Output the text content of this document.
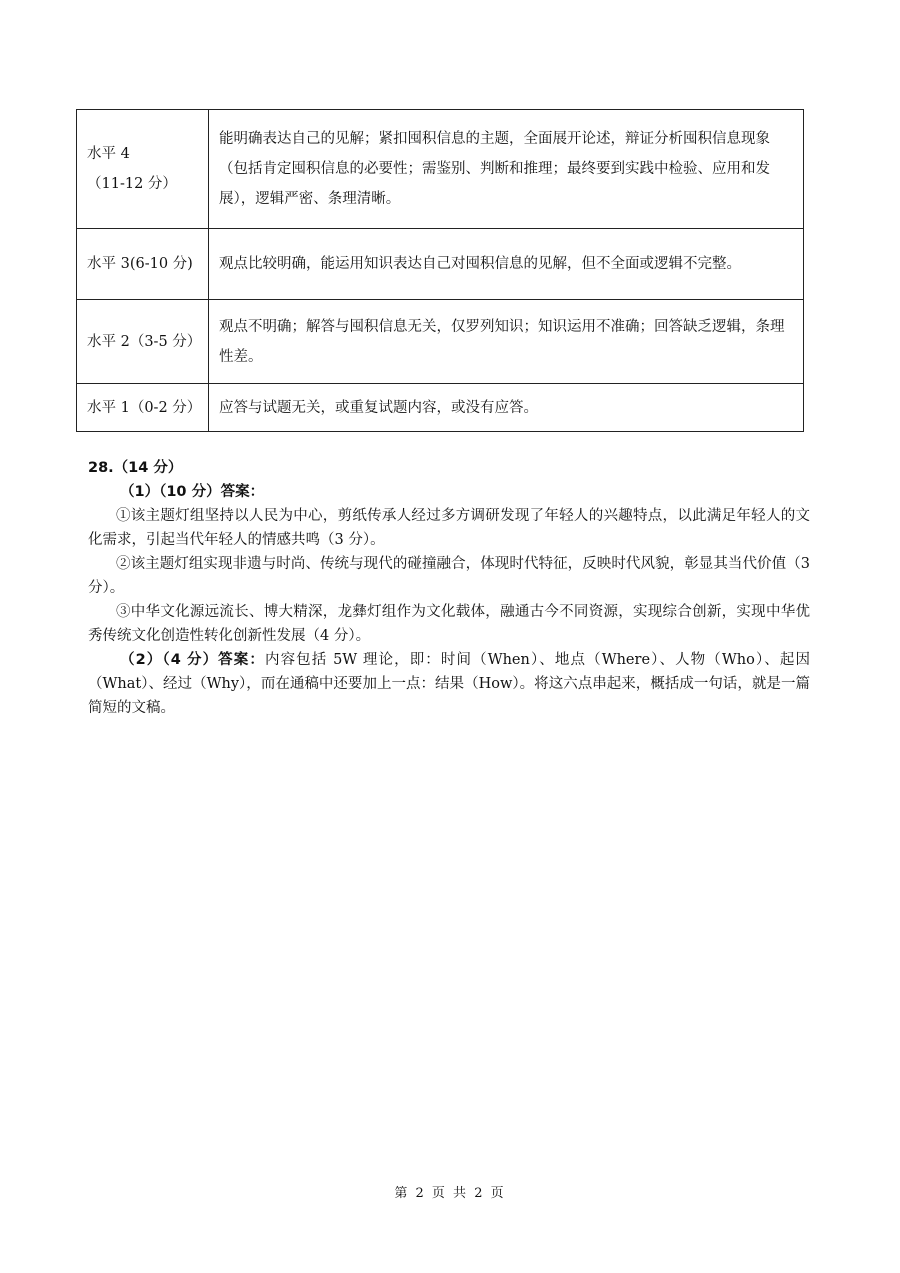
水平 4
（11-12 分）	能明确表达自己的见解；紧扣囤积信息的主题，全面展开论述，辩证分析囤积信息现象（包括肯定囤积信息的必要性；需鉴别、判断和推理；最终要到实践中检验、应用和发展），逻辑严密、条理清晰。

水平 3(6-10 分)	观点比较明确，能运用知识表达自己对囤积信息的见解，但不全面或逻辑不完整。

水平 2（3-5 分）	观点不明确；解答与囤积信息无关，仅罗列知识；知识运用不准确；回答缺乏逻辑，条理性差。

水平 1（0-2 分）	应答与试题无关，或重复试题内容，或没有应答。

28.（14 分）

（1）（10 分）答案：

①该主题灯组坚持以人民为中心，剪纸传承人经过多方调研发现了年轻人的兴趣特点，以此满足年轻人的文化需求，引起当代年轻人的情感共鸣（3 分）。

②该主题灯组实现非遗与时尚、传统与现代的碰撞融合，体现时代特征，反映时代风貌，彰显其当代价值（3 分）。

③中华文化源远流长、博大精深，龙彝灯组作为文化载体，融通古今不同资源，实现综合创新，实现中华优秀传统文化创造性转化创新性发展（4 分）。

（2）（4 分）答案：内容包括 5W 理论，即：时间（When）、地点（Where）、人物（Who）、起因（What）、经过（Why），而在通稿中还要加上一点：结果（How）。将这六点串起来，概括成一句话，就是一篇简短的文稿。

第 2 页 共 2 页
